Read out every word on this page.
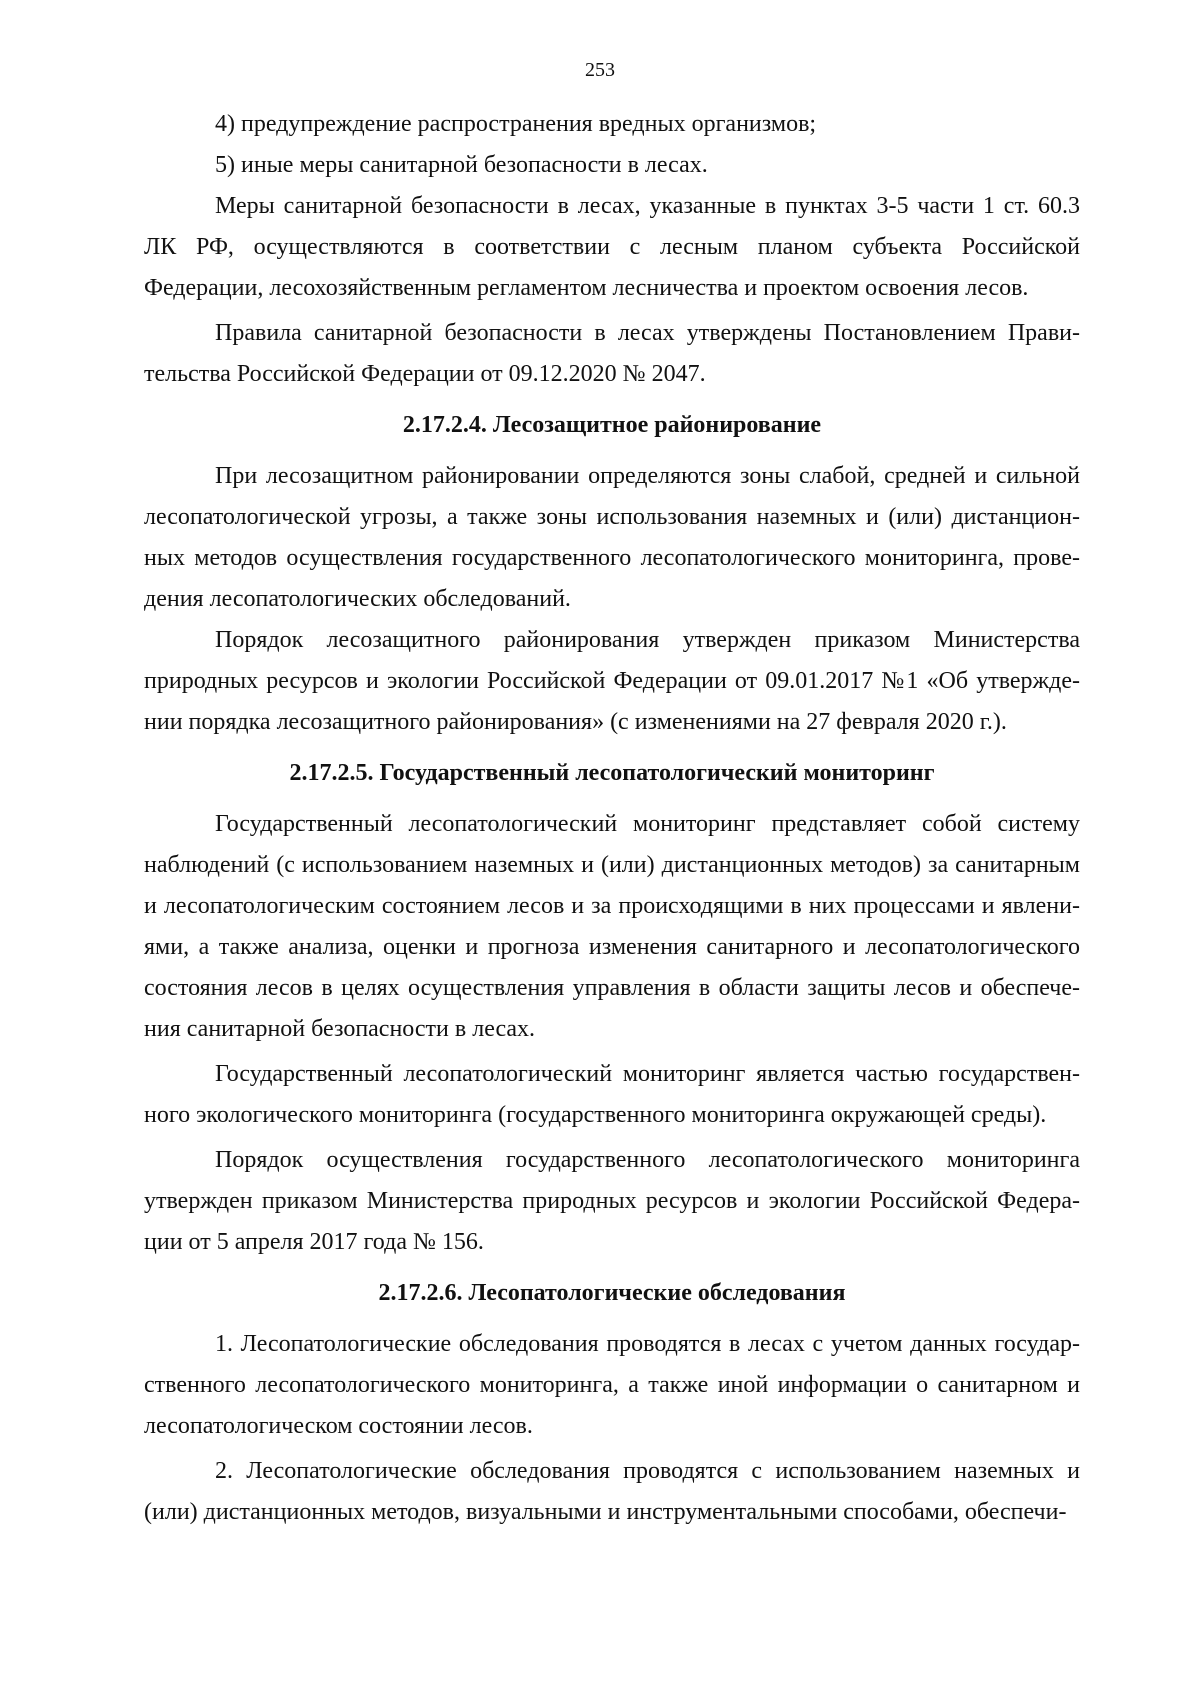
253

4) предупреждение распространения вредных организмов;

5) иные меры санитарной безопасности в лесах.

Меры санитарной безопасности в лесах, указанные в пунктах 3-5 части 1 ст. 60.3 ЛК РФ, осуществляются в соответствии с лесным планом субъекта Российской Федерации, лесохозяйственным регламентом лесничества и проектом освоения лесов.

Правила санитарной безопасности в лесах утверждены Постановлением Правительства Российской Федерации от 09.12.2020 № 2047.

2.17.2.4. Лесозащитное районирование

При лесозащитном районировании определяются зоны слабой, средней и сильной лесопатологической угрозы, а также зоны использования наземных и (или) дистанционных методов осуществления государственного лесопатологического мониторинга, проведения лесопатологических обследований.

Порядок лесозащитного районирования утвержден приказом Министерства природных ресурсов и экологии Российской Федерации от 09.01.2017 №1 «Об утверждении порядка лесозащитного районирования» (с изменениями на 27 февраля 2020 г.).

2.17.2.5. Государственный лесопатологический мониторинг

Государственный лесопатологический мониторинг представляет собой систему наблюдений (с использованием наземных и (или) дистанционных методов) за санитарным и лесопатологическим состоянием лесов и за происходящими в них процессами и явлениями, а также анализа, оценки и прогноза изменения санитарного и лесопатологического состояния лесов в целях осуществления управления в области защиты лесов и обеспечения санитарной безопасности в лесах.

Государственный лесопатологический мониторинг является частью государственного экологического мониторинга (государственного мониторинга окружающей среды).

Порядок осуществления государственного лесопатологического мониторинга утвержден приказом Министерства природных ресурсов и экологии Российской Федерации от 5 апреля 2017 года № 156.

2.17.2.6. Лесопатологические обследования

1. Лесопатологические обследования проводятся в лесах с учетом данных государственного лесопатологического мониторинга, а также иной информации о санитарном и лесопатологическом состоянии лесов.

2. Лесопатологические обследования проводятся с использованием наземных и (или) дистанционных методов, визуальными и инструментальными способами, обеспечи-
